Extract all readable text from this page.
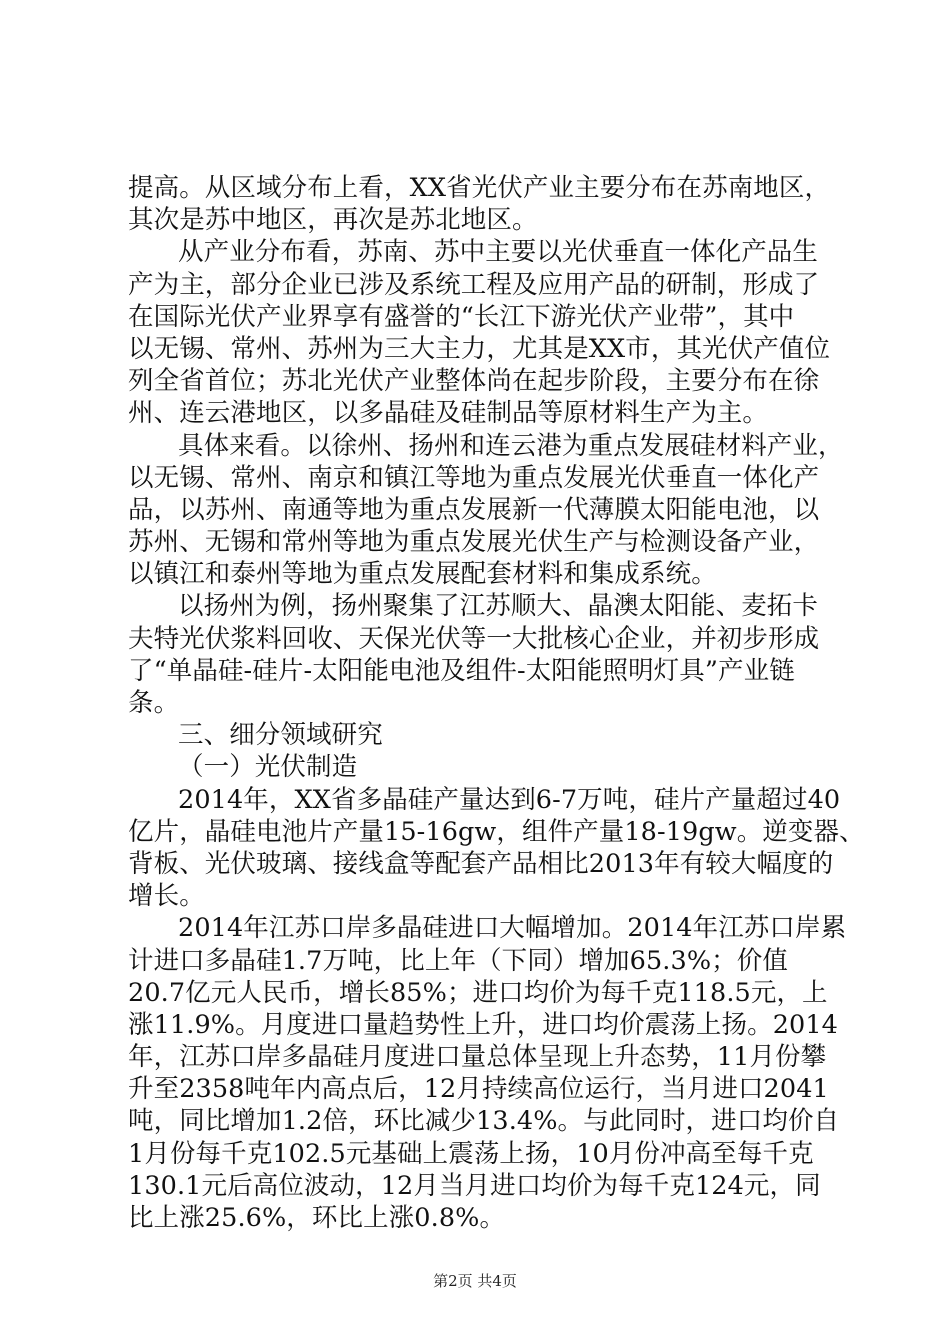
提高。从区域分布上看，XX省光伏产业主要分布在苏南地区，
其次是苏中地区，再次是苏北地区。
从产业分布看，苏南、苏中主要以光伏垂直一体化产品生
产为主，部分企业已涉及系统工程及应用产品的研制，形成了
在国际光伏产业界享有盛誉的“长江下游光伏产业带”，其中
以无锡、常州、苏州为三大主力，尤其是XX市，其光伏产值位
列全省首位；苏北光伏产业整体尚在起步阶段，主要分布在徐
州、连云港地区，以多晶硅及硅制品等原材料生产为主。
具体来看。以徐州、扬州和连云港为重点发展硅材料产业，
以无锡、常州、南京和镇江等地为重点发展光伏垂直一体化产
品，以苏州、南通等地为重点发展新一代薄膜太阳能电池，以
苏州、无锡和常州等地为重点发展光伏生产与检测设备产业，
以镇江和泰州等地为重点发展配套材料和集成系统。
以扬州为例，扬州聚集了江苏顺大、晶澳太阳能、麦拓卡
夫特光伏浆料回收、天保光伏等一大批核心企业，并初步形成
了“单晶硅-硅片-太阳能电池及组件-太阳能照明灯具”产业链
条。
三、细分领域研究
（一）光伏制造
2014年，XX省多晶硅产量达到6-7万吨，硅片产量超过40
亿片，晶硅电池片产量15-16gw，组件产量18-19gw。逆变器、
背板、光伏玻璃、接线盒等配套产品相比2013年有较大幅度的
增长。
2014年江苏口岸多晶硅进口大幅增加。2014年江苏口岸累
计进口多晶硅1.7万吨，比上年（下同）增加65.3%；价值
20.7亿元人民币，增长85%；进口均价为每千克118.5元，上
涨11.9%。月度进口量趋势性上升，进口均价震荡上扬。2014
年，江苏口岸多晶硅月度进口量总体呈现上升态势，11月份攀
升至2358吨年内高点后，12月持续高位运行，当月进口2041
吨，同比增加1.2倍，环比减少13.4%。与此同时，进口均价自
1月份每千克102.5元基础上震荡上扬，10月份冲高至每千克
130.1元后高位波动，12月当月进口均价为每千克124元，同
比上涨25.6%，环比上涨0.8%。
第2页 共4页
